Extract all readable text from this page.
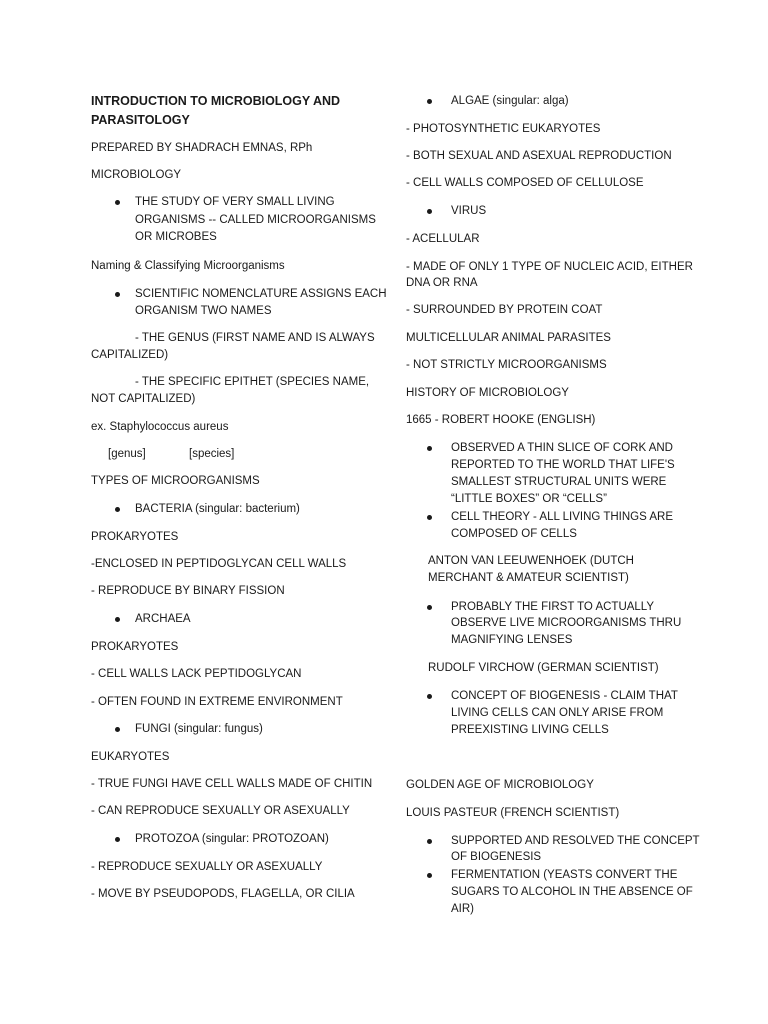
INTRODUCTION TO MICROBIOLOGY AND PARASITOLOGY
PREPARED BY SHADRACH EMNAS, RPh
MICROBIOLOGY
THE STUDY OF VERY SMALL LIVING
ORGANISMS -- CALLED MICROORGANISMS
OR MICROBES
Naming & Classifying Microorganisms
SCIENTIFIC NOMENCLATURE ASSIGNS EACH
ORGANISM TWO NAMES
- THE GENUS (FIRST NAME AND IS ALWAYS
CAPITALIZED)
- THE SPECIFIC EPITHET (SPECIES NAME,
NOT CAPITALIZED)
ex. Staphylococcus aureus
[genus]	[species]
TYPES OF MICROORGANISMS
BACTERIA (singular: bacterium)
PROKARYOTES
-ENCLOSED IN PEPTIDOGLYCAN CELL WALLS
- REPRODUCE BY BINARY FISSION
ARCHAEA
PROKARYOTES
- CELL WALLS LACK PEPTIDOGLYCAN
- OFTEN FOUND IN EXTREME ENVIRONMENT
FUNGI (singular: fungus)
EUKARYOTES
- TRUE FUNGI HAVE CELL WALLS MADE OF CHITIN
- CAN REPRODUCE SEXUALLY OR ASEXUALLY
PROTOZOA (singular: PROTOZOAN)
- REPRODUCE SEXUALLY OR ASEXUALLY
- MOVE BY PSEUDOPODS, FLAGELLA, OR CILIA
ALGAE (singular: alga)
- PHOTOSYNTHETIC EUKARYOTES
- BOTH SEXUAL AND ASEXUAL REPRODUCTION
- CELL WALLS COMPOSED OF CELLULOSE
VIRUS
- ACELLULAR
- MADE OF ONLY 1 TYPE OF NUCLEIC ACID, EITHER
DNA OR RNA
- SURROUNDED BY PROTEIN COAT
MULTICELLULAR ANIMAL PARASITES
- NOT STRICTLY MICROORGANISMS
HISTORY OF MICROBIOLOGY
1665 - ROBERT HOOKE (ENGLISH)
OBSERVED A THIN SLICE OF CORK AND
REPORTED TO THE WORLD THAT LIFE'S
SMALLEST STRUCTURAL UNITS WERE
“LITTLE BOXES” OR “CELLS”
CELL THEORY - ALL LIVING THINGS ARE
COMPOSED OF CELLS
ANTON VAN LEEUWENHOEK (DUTCH
MERCHANT & AMATEUR SCIENTIST)
PROBABLY THE FIRST TO ACTUALLY
OBSERVE LIVE MICROORGANISMS THRU
MAGNIFYING LENSES
RUDOLF VIRCHOW (GERMAN SCIENTIST)
CONCEPT OF BIOGENESIS - CLAIM THAT
LIVING CELLS CAN ONLY ARISE FROM
PREEXISTING LIVING CELLS
GOLDEN AGE OF MICROBIOLOGY
LOUIS PASTEUR (FRENCH SCIENTIST)
SUPPORTED AND RESOLVED THE CONCEPT
OF BIOGENESIS
FERMENTATION (YEASTS CONVERT THE
SUGARS TO ALCOHOL IN THE ABSENCE OF
AIR)
